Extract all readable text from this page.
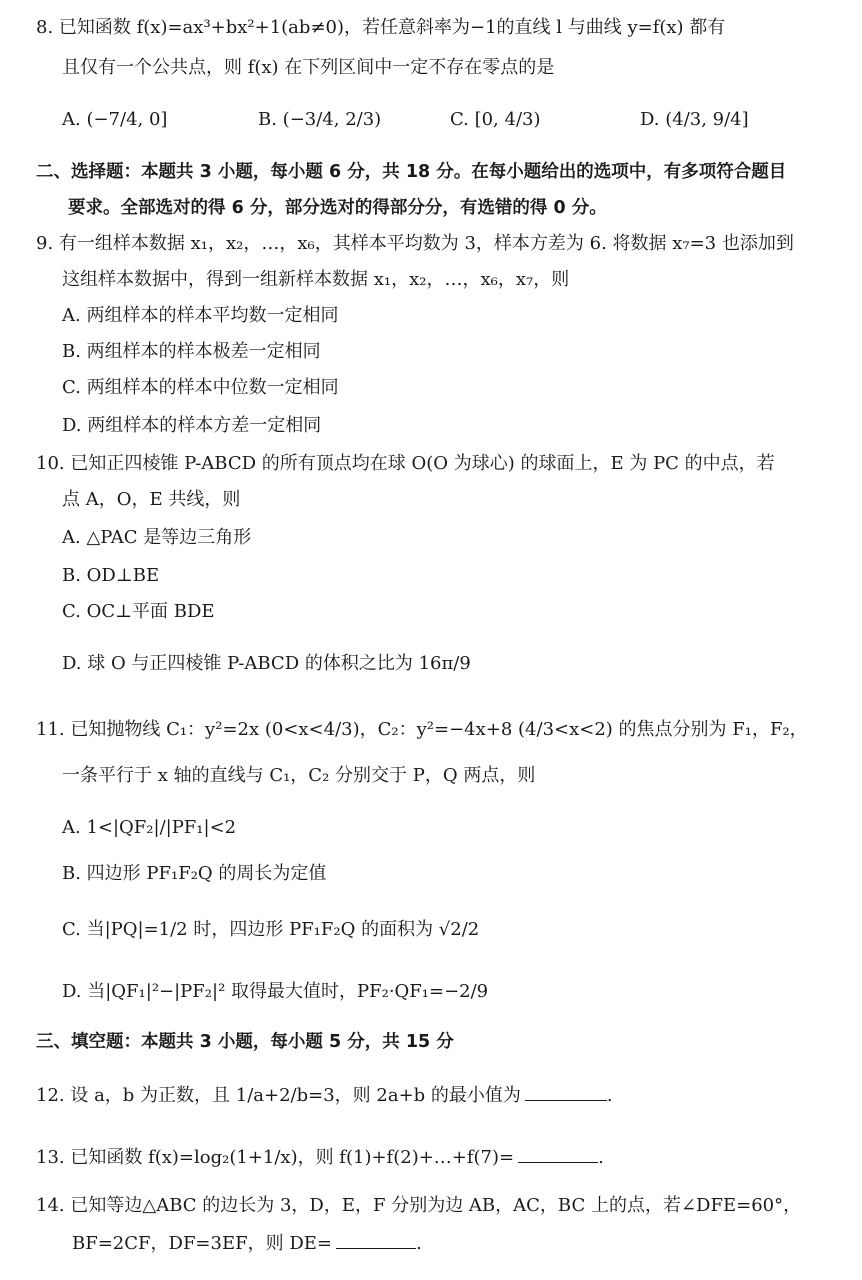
8. 已知函数 f(x)=ax³+bx²+1(ab≠0)，若任意斜率为−1的直线 l 与曲线 y=f(x) 都有
且仅有一个公共点，则 f(x) 在下列区间中一定不存在零点的是
A. (−7/4, 0]	B. (−3/4, 2/3)	C. [0, 4/3)	D. (4/3, 9/4]
二、选择题：本题共 3 小题，每小题 6 分，共 18 分。在每小题给出的选项中，有多项符合题目
要求。全部选对的得 6 分，部分选对的得部分分，有选错的得 0 分。
9. 有一组样本数据 x₁，x₂，…，x₆，其样本平均数为 3，样本方差为 6. 将数据 x₇=3 也添加到
这组样本数据中，得到一组新样本数据 x₁，x₂，…，x₆，x₇，则
A. 两组样本的样本平均数一定相同
B. 两组样本的样本极差一定相同
C. 两组样本的样本中位数一定相同
D. 两组样本的样本方差一定相同
10. 已知正四棱锥 P-ABCD 的所有顶点均在球 O(O 为球心) 的球面上，E 为 PC 的中点，若
点 A，O，E 共线，则
A. △PAC 是等边三角形
B. OD⊥BE
C. OC⊥平面 BDE
D. 球 O 与正四棱锥 P-ABCD 的体积之比为 16π/9
11. 已知抛物线 C₁：y²=2x (0<x<4/3)，C₂：y²=−4x+8 (4/3<x<2) 的焦点分别为 F₁，F₂，
一条平行于 x 轴的直线与 C₁，C₂ 分别交于 P，Q 两点，则
A. 1<|QF₂|/|PF₁|<2
B. 四边形 PF₁F₂Q 的周长为定值
C. 当|PQ|=1/2 时，四边形 PF₁F₂Q 的面积为 √2/2
D. 当|QF₁|²−|PF₂|² 取得最大值时，PF₂·QF₁=−2/9
三、填空题：本题共 3 小题，每小题 5 分，共 15 分
12. 设 a，b 为正数，且 1/a+2/b=3，则 2a+b 的最小值为	.
13. 已知函数 f(x)=log₂(1+1/x)，则 f(1)+f(2)+…+f(7)=	.
14. 已知等边△ABC 的边长为 3，D，E，F 分别为边 AB，AC，BC 上的点，若∠DFE=60°，
BF=2CF，DF=3EF，则 DE=	.
